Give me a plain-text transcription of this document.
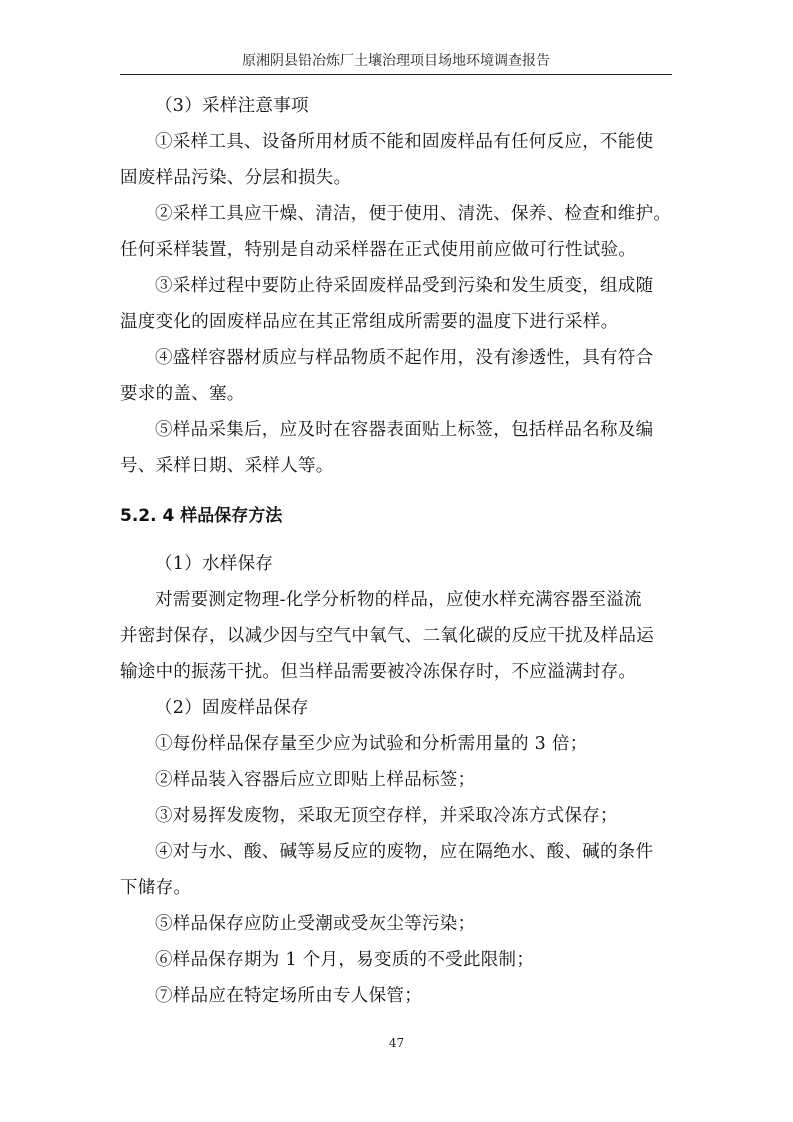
原湘阴县铅冶炼厂土壤治理项目场地环境调查报告

（3）采样注意事项

①采样工具、设备所用材质不能和固废样品有任何反应，不能使
固废样品污染、分层和损失。

②采样工具应干燥、清洁，便于使用、清洗、保养、检查和维护。
任何采样装置，特别是自动采样器在正式使用前应做可行性试验。

③采样过程中要防止待采固废样品受到污染和发生质变，组成随
温度变化的固废样品应在其正常组成所需要的温度下进行采样。

④盛样容器材质应与样品物质不起作用，没有渗透性，具有符合
要求的盖、塞。

⑤样品采集后，应及时在容器表面贴上标签，包括样品名称及编
号、采样日期、采样人等。

5.2. 4 样品保存方法

（1）水样保存

对需要测定物理-化学分析物的样品，应使水样充满容器至溢流
并密封保存，以减少因与空气中氧气、二氧化碳的反应干扰及样品运
输途中的振荡干扰。但当样品需要被冷冻保存时，不应溢满封存。

（2）固废样品保存

①每份样品保存量至少应为试验和分析需用量的 3 倍；

②样品装入容器后应立即贴上样品标签；

③对易挥发废物，采取无顶空存样，并采取冷冻方式保存；

④对与水、酸、碱等易反应的废物，应在隔绝水、酸、碱的条件
下储存。

⑤样品保存应防止受潮或受灰尘等污染；

⑥样品保存期为 1 个月，易变质的不受此限制；

⑦样品应在特定场所由专人保管；

47
